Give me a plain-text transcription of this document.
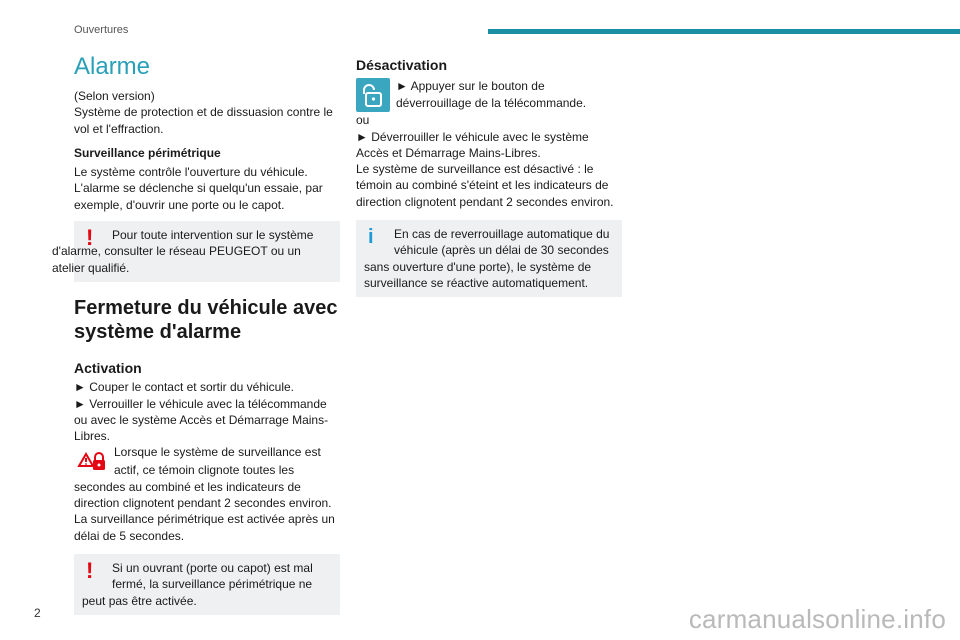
Ouvertures
Alarme

(Selon version)

Système de protection et de dissuasion contre le vol et l'effraction.

Surveillance périmétrique

Le système contrôle l'ouverture du véhicule. L'alarme se déclenche si quelqu'un essaie, par exemple, d'ouvrir une porte ou le capot.

! Pour toute intervention sur le système
d'alarme, consulter le réseau PEUGEOT ou un atelier qualifié.
Fermeture du véhicule avec système d'alarme
Activation

► Couper le contact et sortir du véhicule.

► Verrouiller le véhicule avec la télécommande ou avec le système Accès et Démarrage Mains-Libres.

Lorsque le système de surveillance est

actif, ce témoin clignote toutes les secondes au combiné et les indicateurs de direction clignotent pendant 2 secondes environ.

La surveillance périmétrique est activée après un délai de 5 secondes.

! Si un ouvrant (porte ou capot) est mal
fermé, la surveillance périmétrique ne peut pas être activée.
Désactivation

► Appuyer sur le bouton de déverrouillage de la télécommande.

ou

► Déverrouiller le véhicule avec le système Accès et Démarrage Mains-Libres.

Le système de surveillance est désactivé : le témoin au combiné s'éteint et les indicateurs de direction clignotent pendant 2 secondes environ.

i En cas de reverrouillage automatique du
véhicule (après un délai de 30 secondes sans ouverture d'une porte), le système de surveillance se réactive automatiquement.
2	carmanualsonline.info
